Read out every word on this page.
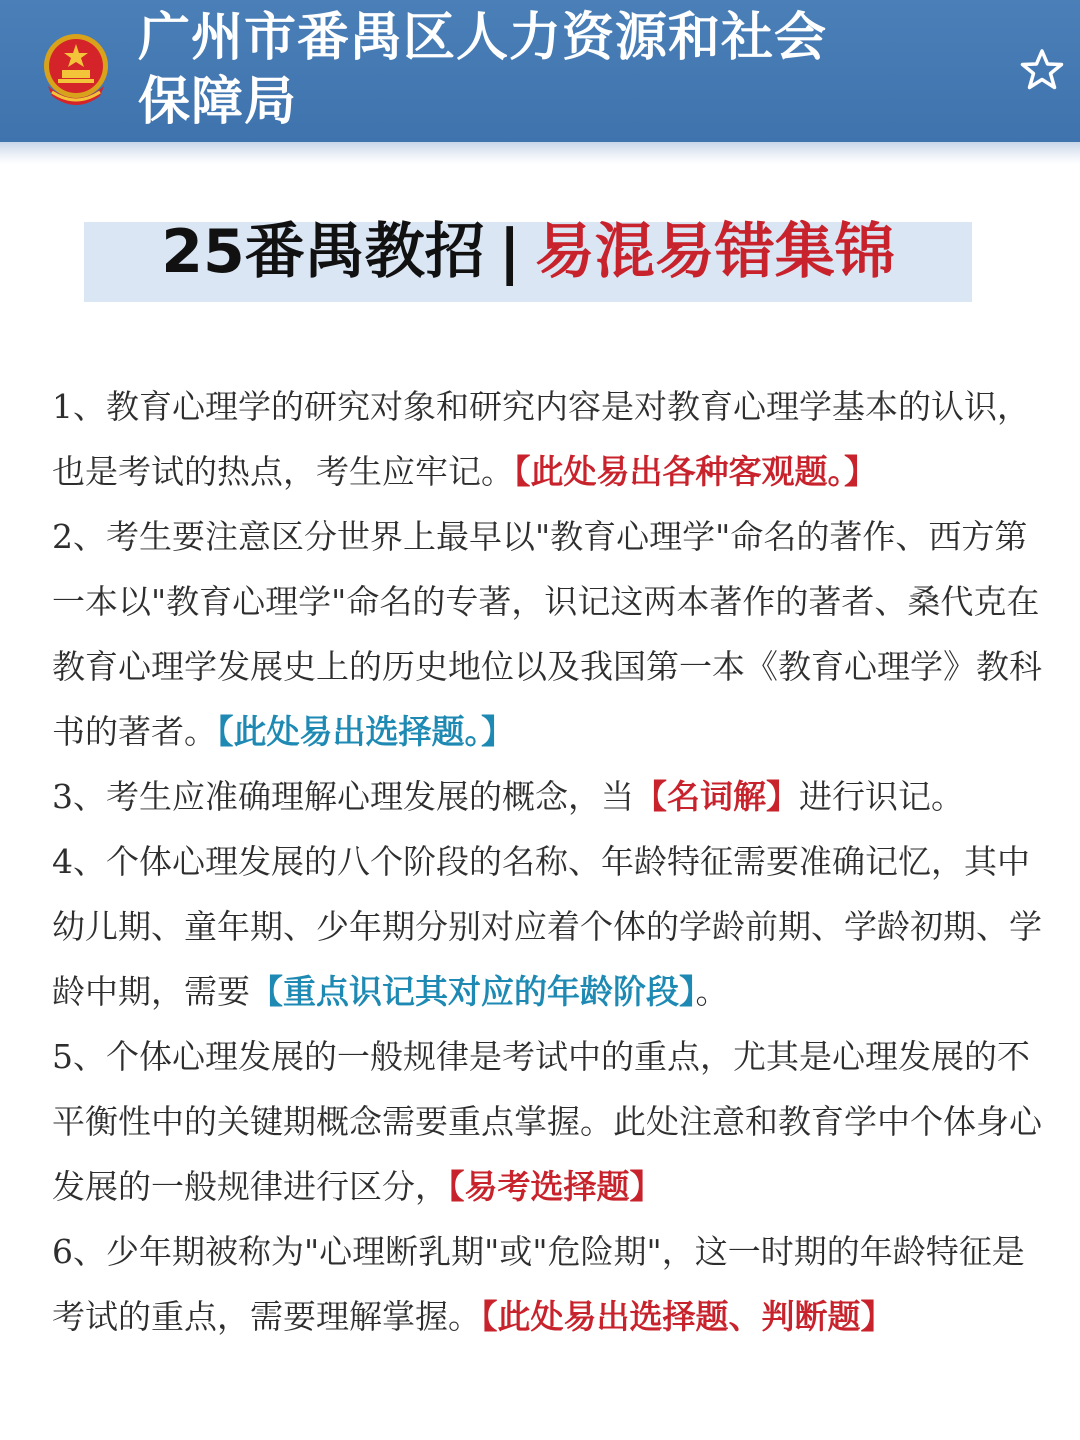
广州市番禺区人力资源和社会
保障局
25番禺教招 | 易混易错集锦

1、教育心理学的研究对象和研究内容是对教育心理学基本的认识，也是考试的热点，考生应牢记。【此处易出各种客观题。】

2、考生要注意区分世界上最早以"教育心理学"命名的著作、西方第一本以"教育心理学"命名的专著，识记这两本著作的著者、桑代克在教育心理学发展史上的历史地位以及我国第一本《教育心理学》教科书的著者。【此处易出选择题。】

3、考生应准确理解心理发展的概念，当【名词解】进行识记。

4、个体心理发展的八个阶段的名称、年龄特征需要准确记忆，其中幼儿期、童年期、少年期分别对应着个体的学龄前期、学龄初期、学龄中期，需要【重点识记其对应的年龄阶段】。

5、个体心理发展的一般规律是考试中的重点，尤其是心理发展的不平衡性中的关键期概念需要重点掌握。此处注意和教育学中个体身心发展的一般规律进行区分，【易考选择题】

6、少年期被称为"心理断乳期"或"危险期"，这一时期的年龄特征是考试的重点，需要理解掌握。【此处易出选择题、判断题】
